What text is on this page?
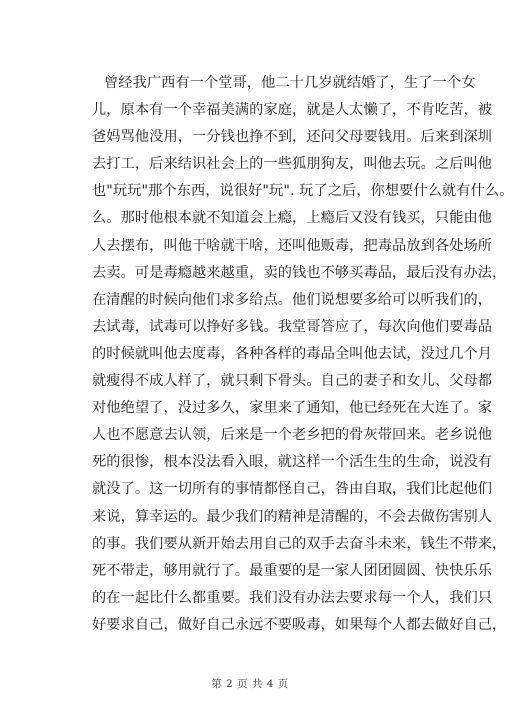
曾经我广西有一个堂哥，他二十几岁就结婚了，生了一个女
儿，原本有一个幸福美满的家庭，就是人太懒了，不肯吃苦，被
爸妈骂他没用，一分钱也挣不到，还问父母要钱用。后来到深圳
去打工，后来结识社会上的一些狐朋狗友，叫他去玩。之后叫他
也"玩玩"那个东西，说很好"玩". 玩了之后，你想要什么就有什么。
么。那时他根本就不知道会上瘾，上瘾后又没有钱买，只能由他
人去摆布，叫他干啥就干啥，还叫他贩毒，把毒品放到各处场所
去卖。可是毒瘾越来越重，卖的钱也不够买毒品，最后没有办法，
在清醒的时候向他们求多给点。他们说想要多给可以听我们的，
去试毒，试毒可以挣好多钱。我堂哥答应了，每次向他们要毒品
的时候就叫他去度毒，各种各样的毒品全叫他去试，没过几个月
就瘦得不成人样了，就只剩下骨头。自己的妻子和女儿、父母都
对他绝望了，没过多久，家里来了通知，他已经死在大连了。家
人也不愿意去认领，后来是一个老乡把的骨灰带回来。老乡说他
死的很惨，根本没法看入眼，就这样一个活生生的生命，说没有
就没了。这一切所有的事情都怪自己，咎由自取，我们比起他们
来说，算幸运的。最少我们的精神是清醒的，不会去做伤害别人
的事。我们要从新开始去用自己的双手去奋斗未来，钱生不带来，
死不带走，够用就行了。最重要的是一家人团团圆圆、快快乐乐
的在一起比什么都重要。我们没有办法去要求每一个人，我们只
好要求自己，做好自己永远不要吸毒，如果每个人都去做好自己，
第 2 页 共 4 页
